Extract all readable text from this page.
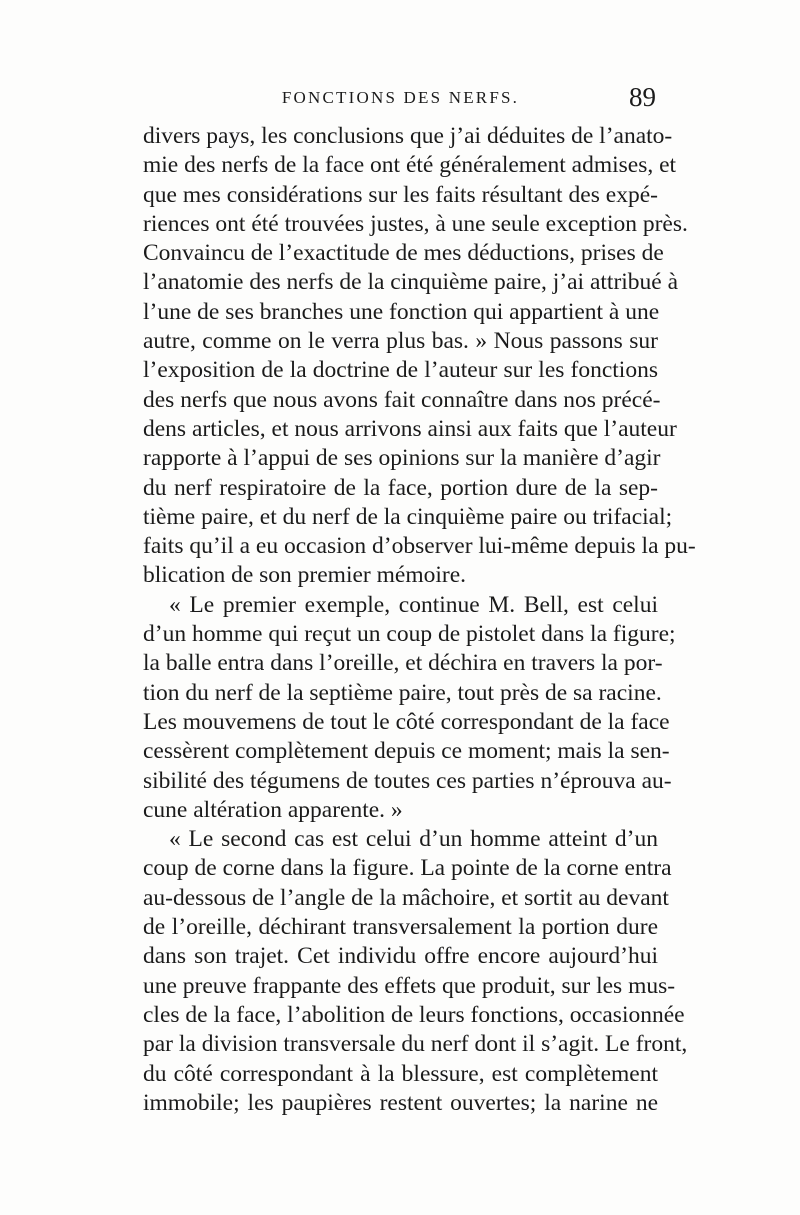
FONCTIONS DES NERFS.	89
divers pays, les conclusions que j’ai déduites de l’anato-
mie des nerfs de la face ont été généralement admises, et
que mes considérations sur les faits résultant des expé-
riences ont été trouvées justes, à une seule exception près.
Convaincu de l’exactitude de mes déductions, prises de
l’anatomie des nerfs de la cinquième paire, j’ai attribué à
l’une de ses branches une fonction qui appartient à une
autre, comme on le verra plus bas. » Nous passons sur
l’exposition de la doctrine de l’auteur sur les fonctions
des nerfs que nous avons fait connaître dans nos précé-
dens articles, et nous arrivons ainsi aux faits que l’auteur
rapporte à l’appui de ses opinions sur la manière d’agir
du nerf respiratoire de la face, portion dure de la sep-
tième paire, et du nerf de la cinquième paire ou trifacial;
faits qu’il a eu occasion d’observer lui-même depuis la pu-
blication de son premier mémoire.
« Le premier exemple, continue M. Bell, est celui
d’un homme qui reçut un coup de pistolet dans la figure;
la balle entra dans l’oreille, et déchira en travers la por-
tion du nerf de la septième paire, tout près de sa racine.
Les mouvemens de tout le côté correspondant de la face
cessèrent complètement depuis ce moment; mais la sen-
sibilité des tégumens de toutes ces parties n’éprouva au-
cune altération apparente. »
« Le second cas est celui d’un homme atteint d’un
coup de corne dans la figure. La pointe de la corne entra
au-dessous de l’angle de la mâchoire, et sortit au devant
de l’oreille, déchirant transversalement la portion dure
dans son trajet. Cet individu offre encore aujourd’hui
une preuve frappante des effets que produit, sur les mus-
cles de la face, l’abolition de leurs fonctions, occasionnée
par la division transversale du nerf dont il s’agit. Le front,
du côté correspondant à la blessure, est complètement
immobile; les paupières restent ouvertes; la narine ne
